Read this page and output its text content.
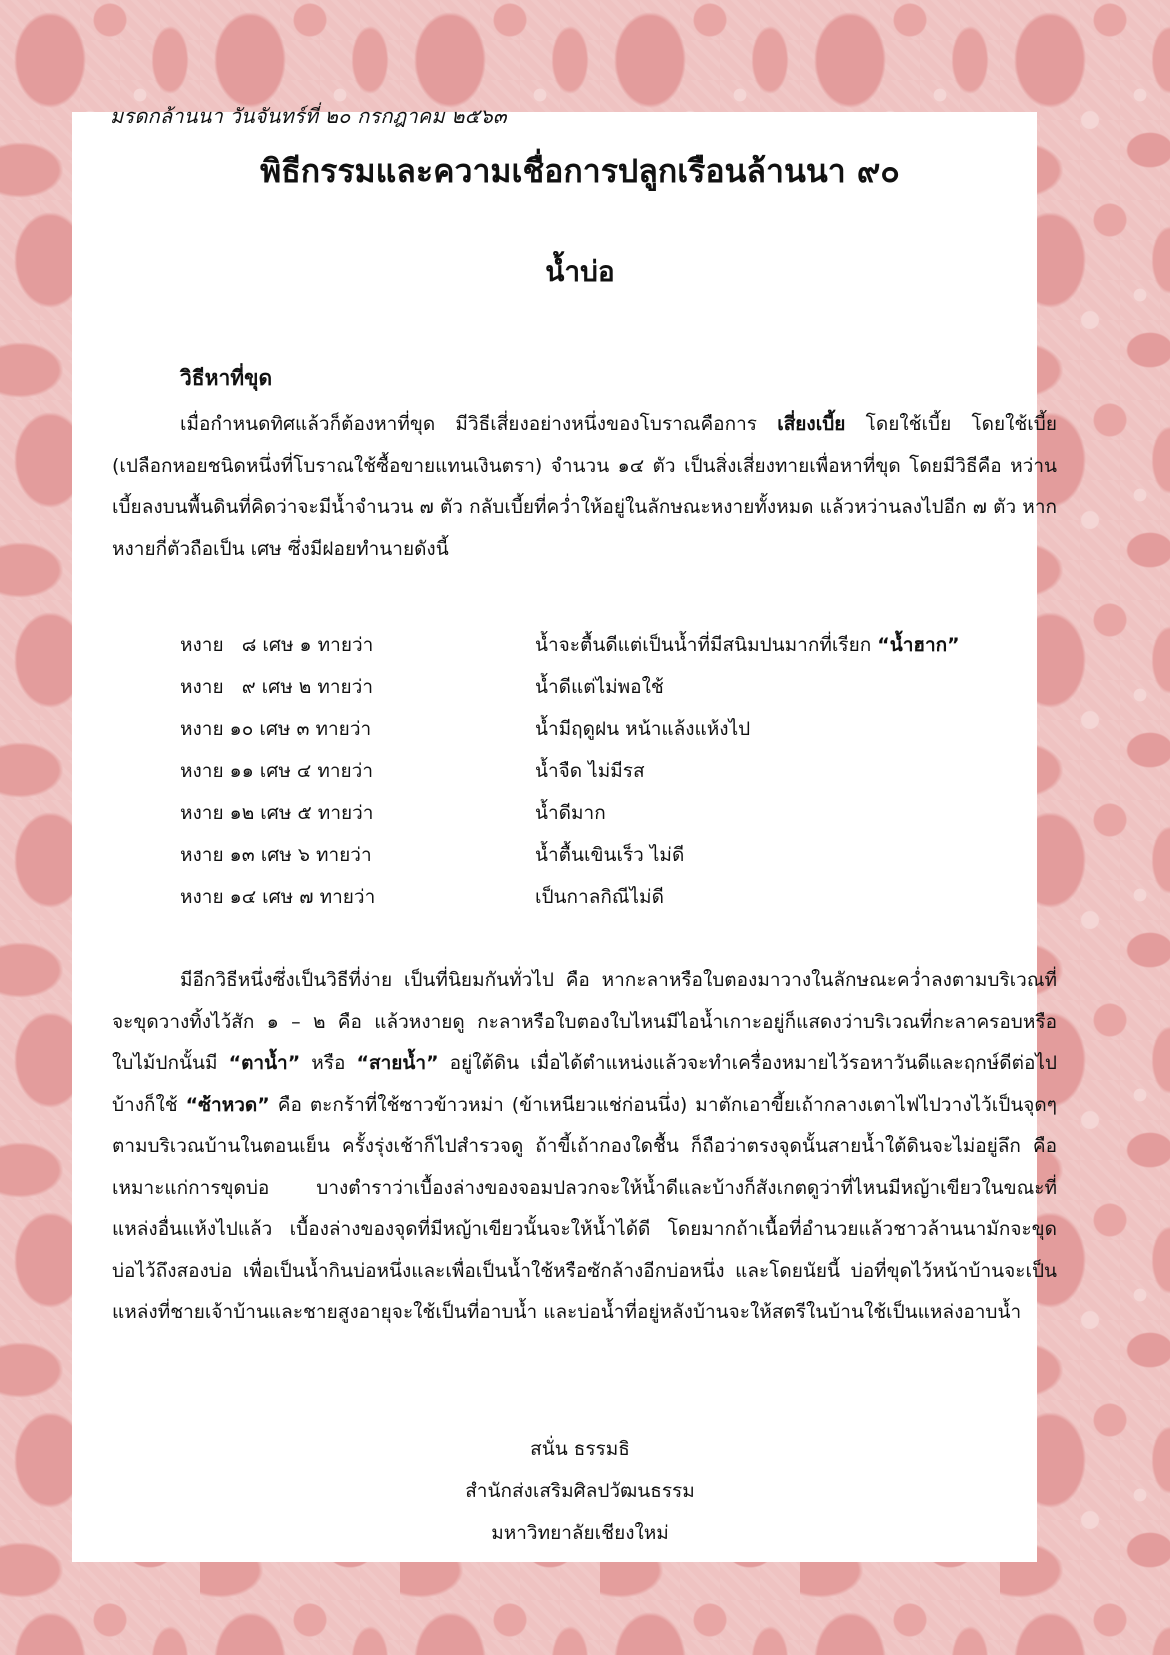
มรดกล้านนา วันจันทร์ที่ ๒๐ กรกฎาคม ๒๕๖๓
พิธีกรรมและความเชื่อการปลูกเรือนล้านนา ๙๐
น้ำบ่อ
วิธีหาที่ขุด

เมื่อกำหนดทิศแล้วก็ต้องหาที่ขุด มีวิธีเสี่ยงอย่างหนึ่งของโบราณคือการ เสี่ยงเบี้ย โดยใช้เบี้ย โดยใช้เบี้ย (เปลือกหอยชนิดหนึ่งที่โบราณใช้ซื้อขายแทนเงินตรา) จำนวน ๑๔ ตัว เป็นสิ่งเสี่ยงทายเพื่อหาที่ขุด โดยมีวิธีคือ หว่านเบี้ยลงบนพื้นดินที่คิดว่าจะมีน้ำจำนวน ๗ ตัว กลับเบี้ยที่คว่ำให้อยู่ในลักษณะหงายทั้งหมด แล้วหว่านลงไปอีก ๗ ตัว หากหงายกี่ตัวถือเป็น เศษ ซึ่งมีฝอยทำนายดังนี้

หงาย   ๘ เศษ ๑ ทายว่า	น้ำจะตื้นดีแต่เป็นน้ำที่มีสนิมปนมากที่เรียก “น้ำฮาก”
หงาย   ๙ เศษ ๒ ทายว่า	น้ำดีแต่ไม่พอใช้
หงาย ๑๐ เศษ ๓ ทายว่า	น้ำมีฤดูฝน หน้าแล้งแห้งไป
หงาย ๑๑ เศษ ๔ ทายว่า	น้ำจืด ไม่มีรส
หงาย ๑๒ เศษ ๕ ทายว่า	น้ำดีมาก
หงาย ๑๓ เศษ ๖ ทายว่า	น้ำตื้นเขินเร็ว ไม่ดี
หงาย ๑๔ เศษ ๗ ทายว่า	เป็นกาลกิณีไม่ดี

มีอีกวิธีหนึ่งซึ่งเป็นวิธีที่ง่าย เป็นที่นิยมกันทั่วไป คือ หากะลาหรือใบตองมาวางในลักษณะคว่ำลงตามบริเวณที่จะขุดวางทิ้งไว้สัก ๑ – ๒ คือ แล้วหงายดู กะลาหรือใบตองใบไหนมีไอน้ำเกาะอยู่ก็แสดงว่าบริเวณที่กะลาครอบหรือใบไม้ปกนั้นมี “ตาน้ำ” หรือ “สายน้ำ” อยู่ใต้ดิน เมื่อได้ตำแหน่งแล้วจะทำเครื่องหมายไว้รอหาวันดีและฤกษ์ดีต่อไป บ้างก็ใช้ “ซ้าหวด” คือ ตะกร้าที่ใช้ซาวข้าวหม่า (ข้าเหนียวแช่ก่อนนึ่ง) มาตักเอาขี้ยเถ้ากลางเตาไฟไปวางไว้เป็นจุดๆ ตามบริเวณบ้านในตอนเย็น ครั้งรุ่งเช้าก็ไปสำรวจดู ถ้าขี้เถ้ากองใดชื้น ก็ถือว่าตรงจุดนั้นสายน้ำใต้ดินจะไม่อยู่ลึก คือเหมาะแก่การขุดบ่อ บางตำราว่าเบื้องล่างของจอมปลวกจะให้น้ำดีและบ้างก็สังเกตดูว่าที่ไหนมีหญ้าเขียวในขณะที่แหล่งอื่นแห้งไปแล้ว เบื้องล่างของจุดที่มีหญ้าเขียวนั้นจะให้น้ำได้ดี โดยมากถ้าเนื้อที่อำนวยแล้วชาวล้านนามักจะขุดบ่อไว้ถึงสองบ่อ เพื่อเป็นน้ำกินบ่อหนึ่งและเพื่อเป็นน้ำใช้หรือซักล้างอีกบ่อหนึ่ง และโดยนัยนี้ บ่อที่ขุดไว้หน้าบ้านจะเป็นแหล่งที่ชายเจ้าบ้านและชายสูงอายุจะใช้เป็นที่อาบน้ำ และบ่อน้ำที่อยู่หลังบ้านจะให้สตรีในบ้านใช้เป็นแหล่งอาบน้ำ

สนั่น ธรรมธิ
สำนักส่งเสริมศิลปวัฒนธรรม
มหาวิทยาลัยเชียงใหม่
